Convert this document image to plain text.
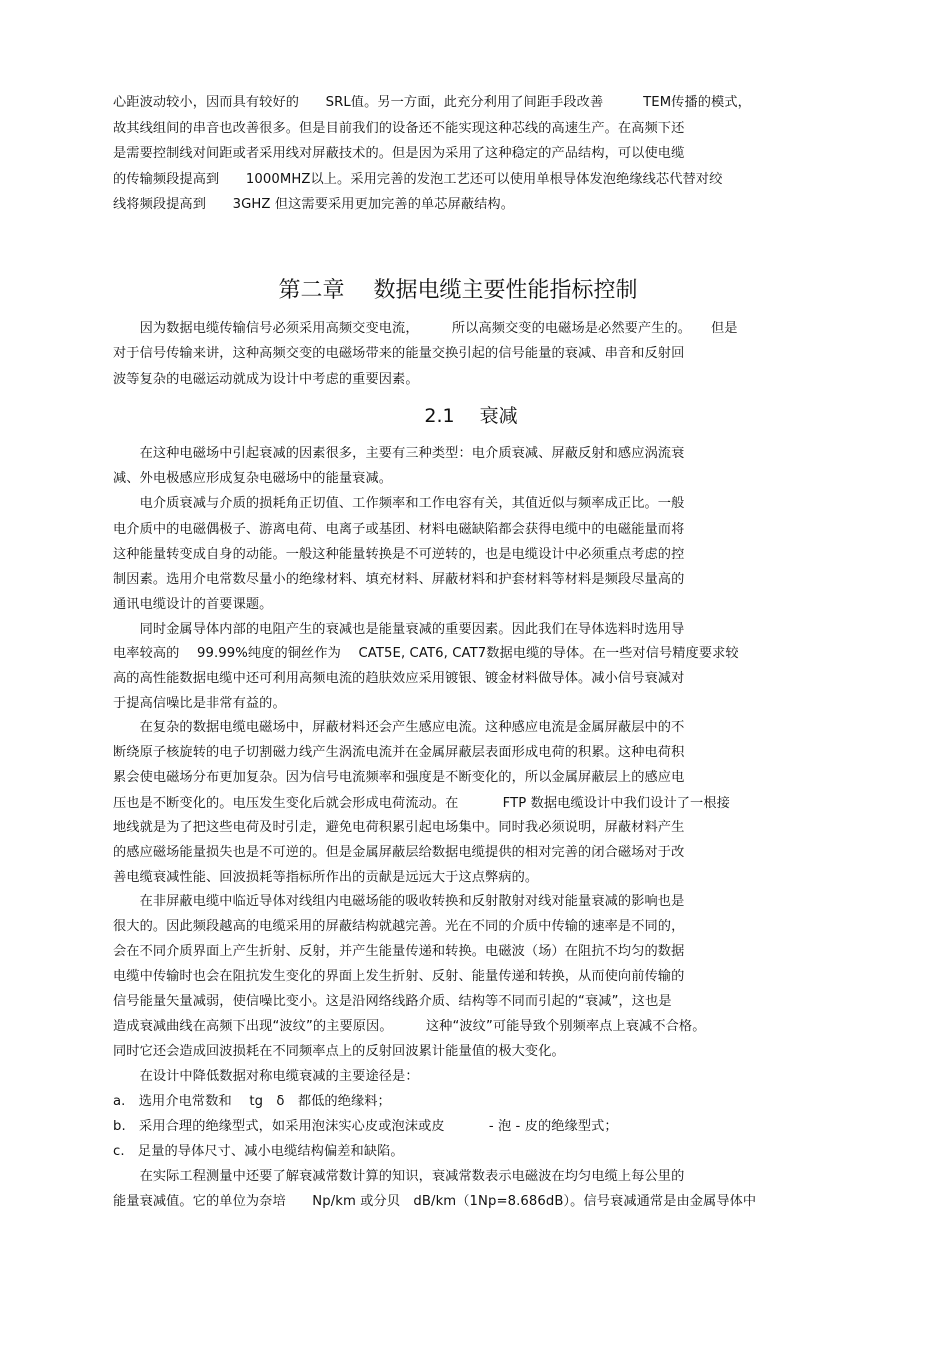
心距波动较小，因而具有较好的　　SRL值。另一方面，此充分利用了间距手段改善　　　TEM传播的模式，
故其线组间的串音也改善很多。但是目前我们的设备还不能实现这种芯线的高速生产。在高频下还
是需要控制线对间距或者采用线对屏蔽技术的。但是因为采用了这种稳定的产品结构，可以使电缆
的传输频段提高到　　1000MHZ以上。采用完善的发泡工艺还可以使用单根导体发泡绝缘线芯代替对绞
线将频段提高到　　3GHZ 但这需要采用更加完善的单芯屏蔽结构。
第二章　 数据电缆主要性能指标控制
　　因为数据电缆传输信号必须采用高频交变电流，　　　所以高频交变的电磁场是必然要产生的。　　但是
对于信号传输来讲，这种高频交变的电磁场带来的能量交换引起的信号能量的衰减、串音和反射回
波等复杂的电磁运动就成为设计中考虑的重要因素。
2.1　 衰减
　　在这种电磁场中引起衰减的因素很多，主要有三种类型：电介质衰减、屏蔽反射和感应涡流衰
减、外电极感应形成复杂电磁场中的能量衰减。
　　电介质衰减与介质的损耗角正切值、工作频率和工作电容有关，其值近似与频率成正比。一般
电介质中的电磁偶极子、游离电荷、电离子或基团、材料电磁缺陷都会获得电缆中的电磁能量而将
这种能量转变成自身的动能。一般这种能量转换是不可逆转的，也是电缆设计中必须重点考虑的控
制因素。选用介电常数尽量小的绝缘材料、填充材料、屏蔽材料和护套材料等材料是频段尽量高的
通讯电缆设计的首要课题。
　　同时金属导体内部的电阻产生的衰减也是能量衰减的重要因素。因此我们在导体选料时选用导
电率较高的　 99.99%纯度的铜丝作为　 CAT5E, CAT6, CAT7数据电缆的导体。在一些对信号精度要求较
高的高性能数据电缆中还可利用高频电流的趋肤效应采用镀银、镀金材料做导体。减小信号衰减对
于提高信噪比是非常有益的。
　　在复杂的数据电缆电磁场中，屏蔽材料还会产生感应电流。这种感应电流是金属屏蔽层中的不
断绕原子核旋转的电子切割磁力线产生涡流电流并在金属屏蔽层表面形成电荷的积累。这种电荷积
累会使电磁场分布更加复杂。因为信号电流频率和强度是不断变化的，所以金属屏蔽层上的感应电
压也是不断变化的。电压发生变化后就会形成电荷流动。在　　　 FTP 数据电缆设计中我们设计了一根接
地线就是为了把这些电荷及时引走，避免电荷积累引起电场集中。同时我必须说明，屏蔽材料产生
的感应磁场能量损失也是不可逆的。但是金属屏蔽层给数据电缆提供的相对完善的闭合磁场对于改
善电缆衰减性能、回波损耗等指标所作出的贡献是远远大于这点弊病的。
　　在非屏蔽电缆中临近导体对线组内电磁场能的吸收转换和反射散射对线对能量衰减的影响也是
很大的。因此频段越高的电缆采用的屏蔽结构就越完善。光在不同的介质中传输的速率是不同的，
会在不同介质界面上产生折射、反射，并产生能量传递和转换。电磁波（场）在阻抗不均匀的数据
电缆中传输时也会在阻抗发生变化的界面上发生折射、反射、能量传递和转换，从而使向前传输的
信号能量矢量减弱，使信噪比变小。这是沿网络线路介质、结构等不同而引起的“衰减”，这也是
造成衰减曲线在高频下出现“波纹”的主要原因。　　　这种“波纹”可能导致个别频率点上衰减不合格。
同时它还会造成回波损耗在不同频率点上的反射回波累计能量值的极大变化。
　　在设计中降低数据对称电缆衰减的主要途径是：
a.　选用介电常数和　 tg　δ　都低的绝缘料；
b.　采用合理的绝缘型式，如采用泡沫实心皮或泡沫或皮　　　 - 泡 - 皮的绝缘型式；
c.　足量的导体尺寸、减小电缆结构偏差和缺陷。
　　在实际工程测量中还要了解衰减常数计算的知识，衰减常数表示电磁波在均匀电缆上每公里的
能量衰减值。它的单位为奈培　　Np/km 或分贝　dB/km（1Np=8.686dB）。信号衰减通常是由金属导体中
